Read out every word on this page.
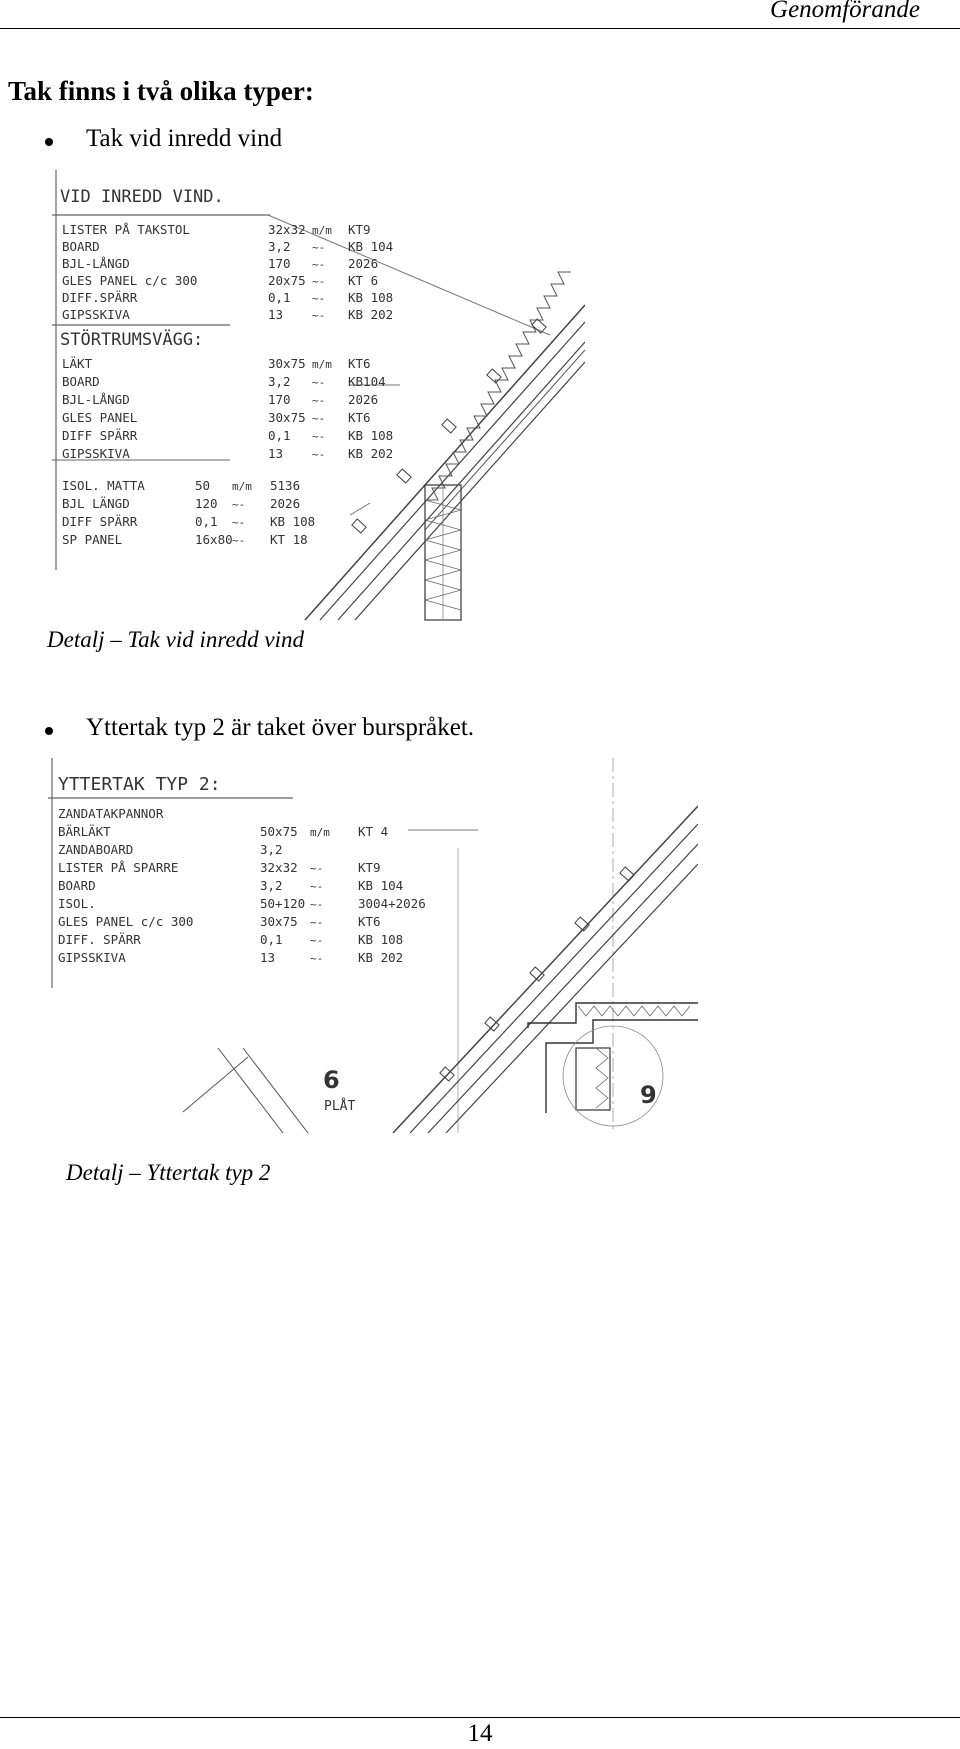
Genomförande
Tak finns i två olika typer:
Tak vid inredd vind
VID INREDD VIND.
LISTER PÅ TAKSTOL	32x32 m/m KT9
BOARD	3,2 ~- KB 104
BJL-LÅNGD	170 ~- 2026
GLES PANEL c/c 300	20x75 ~- KT 6
DIFF.SPÄRR	0,1 ~- KB 108
GIPSSKIVA	13	~- KB 202
STÖRTRUMSVÄGG:
LÄKT	30x75 m/m KT6
BOARD	3,2 ~- KB104
BJL-LÅNGD	170 ~- 2026
GLES PANEL	30x75 ~- KT6
DIFF SPÄRR	0,1 ~- KB 108
GIPSSKIVA	13	~- KB 202
ISOL. MATTA	50 m/m 5136
BJL LÄNGD	120 ~- 2026
DIFF SPÄRR	0,1 ~- KB 108
SP PANEL	16x80 ~- KT 18
Detalj – Tak vid inredd vind
Yttertak typ 2 är taket över burspråket.
6
PLÅT	9
YTTERTAK TYP 2:
ZANDATAKPANNOR
BÄRLÄKT	50x75 m/m KT 4
ZANDABOARD	3,2
LISTER PÅ SPARRE	32x32 ~-	KT9
BOARD	3,2 ~-	KB 104
ISOL.	50+120 ~-	3004+2026
GLES PANEL c/c 300	30x75 ~-	KT6
DIFF. SPÄRR	0,1 ~-	KB 108
GIPSSKIVA	13	~-	KB 202
Detalj – Yttertak typ 2
14
